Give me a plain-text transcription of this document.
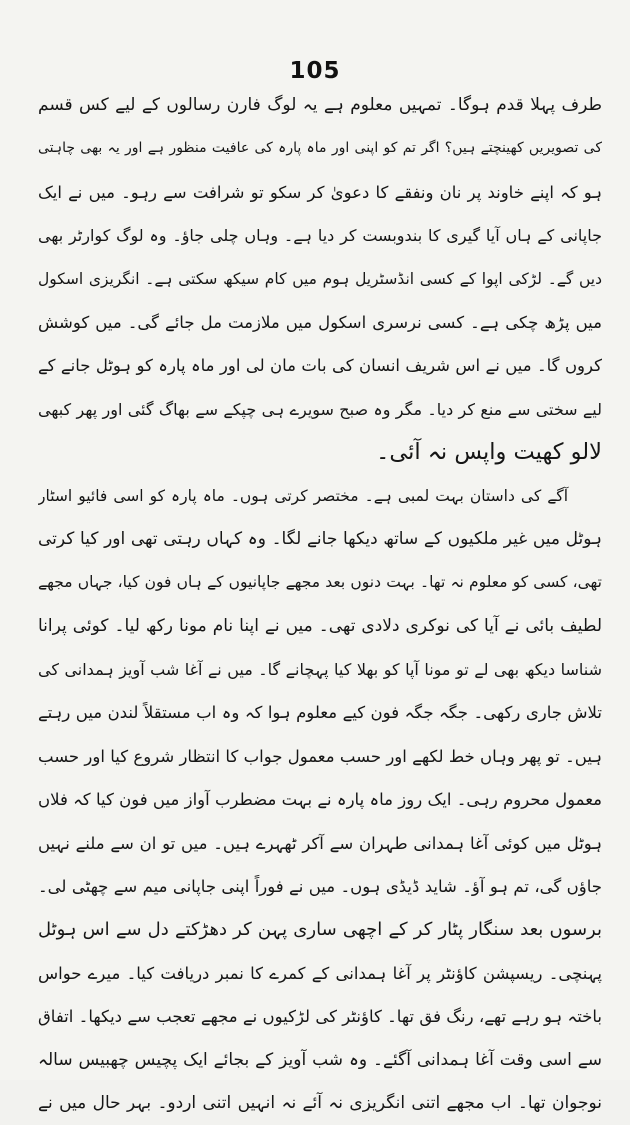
105
طرف پہلا قدم ہوگا۔ تمہیں معلوم ہے یہ لوگ فارن رسالوں کے لیے کس قسم
کی تصویریں کھینچتے ہیں؟ اگر تم کو اپنی اور ماہ پارہ کی عافیت منظور ہے اور یہ بھی چاہتی
ہو کہ اپنے خاوند پر نان ونفقے کا دعویٰ کر سکو تو شرافت سے رہو۔ میں نے ایک
جاپانی کے ہاں آیا گیری کا بندوبست کر دیا ہے۔ وہاں چلی جاؤ۔ وہ لوگ کوارٹر بھی
دیں گے۔ لڑکی اپوا کے کسی انڈسٹریل ہوم میں کام سیکھ سکتی ہے۔ انگریزی اسکول
میں پڑھ چکی ہے۔ کسی نرسری اسکول میں ملازمت مل جائے گی۔ میں کوشش
کروں گا۔ میں نے اس شریف انسان کی بات مان لی اور ماہ پارہ کو ہوٹل جانے کے
لیے سختی سے منع کر دیا۔ مگر وہ صبح سویرے ہی چپکے سے بھاگ گئی اور پھر کبھی
لالو کھیت واپس نہ آئی۔
آگے کی داستان بہت لمبی ہے۔ مختصر کرتی ہوں۔ ماہ پارہ کو اسی فائیو اسٹار
ہوٹل میں غیر ملکیوں کے ساتھ دیکھا جانے لگا۔ وہ کہاں رہتی تھی اور کیا کرتی
تھی، کسی کو معلوم نہ تھا۔ بہت دنوں بعد مجھے جاپانیوں کے ہاں فون کیا، جہاں مجھے
لطیف بائی نے آیا کی نوکری دلادی تھی۔ میں نے اپنا نام مونا رکھ لیا۔ کوئی پرانا
شناسا دیکھ بھی لے تو مونا آپا کو بھلا کیا پہچانے گا۔ میں نے آغا شب آویز ہمدانی کی
تلاش جاری رکھی۔ جگہ جگہ فون کیے معلوم ہوا کہ وہ اب مستقلاً لندن میں رہتے
ہیں۔ تو پھر وہاں خط لکھے اور حسب معمول جواب کا انتظار شروع کیا اور حسب
معمول محروم رہی۔ ایک روز ماہ پارہ نے بہت مضطرب آواز میں فون کیا کہ فلاں
ہوٹل میں کوئی آغا ہمدانی طہران سے آکر ٹھہرے ہیں۔ میں تو ان سے ملنے نہیں
جاؤں گی، تم ہو آؤ۔ شاید ڈیڈی ہوں۔ میں نے فوراً اپنی جاپانی میم سے چھٹی لی۔
برسوں بعد سنگار پٹار کر کے اچھی ساری پہن کر دھڑکتے دل سے اس ہوٹل
پہنچی۔ ریسپشن کاؤنٹر پر آغا ہمدانی کے کمرے کا نمبر دریافت کیا۔ میرے حواس
باختہ ہو رہے تھے، رنگ فق تھا۔ کاؤنٹر کی لڑکیوں نے مجھے تعجب سے دیکھا۔ اتفاق
سے اسی وقت آغا ہمدانی آگئے۔ وہ شب آویز کے بجائے ایک پچیس چھبیس سالہ
نوجوان تھا۔ اب مجھے اتنی انگریزی نہ آئے نہ انہیں اتنی اردو۔ بہر حال میں نے
